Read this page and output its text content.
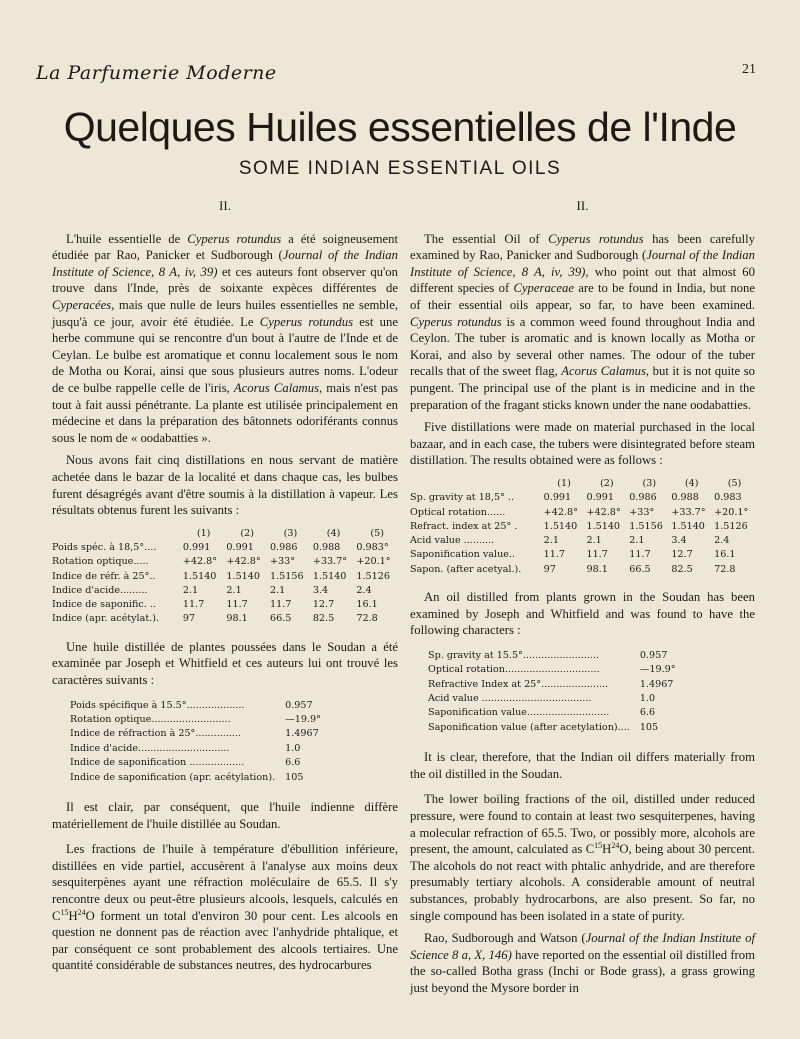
La Parfumerie Moderne	21
Quelques Huiles essentielles de l'Inde
SOME INDIAN ESSENTIAL OILS
II.

L'huile essentielle de Cyperus rotundus a été soigneusement étudiée par Rao, Panicker et Sudborough (Journal of the Indian Institute of Science, 8 A, iv, 39) et ces auteurs font observer qu'on trouve dans l'Inde, près de soixante expèces différentes de Cyperacées, mais que nulle de leurs huiles essentielles ne semble, jusqu'à ce jour, avoir été étudiée. Le Cyperus rotundus est une herbe commune qui se rencontre d'un bout à l'autre de l'Inde et de Ceylan. Le bulbe est aromatique et connu localement sous le nom de Motha ou Korai, ainsi que sous plusieurs autres noms. L'odeur de ce bulbe rappelle celle de l'iris, Acorus Calamus, mais n'est pas tout à fait aussi pénétrante. La plante est utilisée principalement en médecine et dans la préparation des bâtonnets odoriférants connus sous le nom de « oodabatties ».

Nous avons fait cinq distillations en nous servant de matière achetée dans le bazar de la localité et dans chaque cas, les bulbes furent désagrégés avant d'être soumis à la distillation à vapeur. Les résultats obtenus furent les suivants :

	(1)	(2)	(3)	(4)	(5)
Poids spéc. à 18,5°....	0.991	0.991	0.986	0.988	0.983°
Rotation optique.....	+42.8°	+42.8°	+33°	+33.7°	+20.1°
Indice de réfr. à 25°..	1.5140	1.5140	1.5156	1.5140	1.5126
Indice d'acide.........	2.1	2.1	2.1	3.4	2.4
Indice de saponific. ..	11.7	11.7	11.7	12.7	16.1
Indice (apr. acétylat.).	97	98.1	66.5	82.5	72.8

Une huile distillée de plantes poussées dans le Soudan a été examinée par Joseph et Whitfield et ces auteurs lui ont trouvé les caractères suivants :

Poids spécifique à 15.5°...................	0.957
Rotation optique..........................	—19.9°
Indice de réfraction à 25°...............	1.4967
Indice d'acide..............................	1.0
Indice de saponification ..................	6.6
Indice de saponification (apr. acétylation).	105

Il est clair, par conséquent, que l'huile indienne diffère matériellement de l'huile distillée au Soudan.

Les fractions de l'huile à température d'ébullition inférieure, distillées en vide partiel, accusèrent à l'analyse aux moins deux sesquiterpènes ayant une réfraction moléculaire de 65.5. Il s'y rencontre deux ou peut-être plusieurs alcools, lesquels, calculés en $C^{15}H^{24}O$ forment un total d'environ 30 pour cent. Les alcools en question ne donnent pas de réaction avec l'anhydride phtalique, et par conséquent ce sont probablement des alcools tertiaires. Une quantité considérable de substances neutres, des hydrocarbures

II.

The essential Oil of Cyperus rotundus has been carefully examined by Rao, Panicker and Sudborough (Journal of the Indian Institute of Science, 8 A, iv, 39), who point out that almost 60 different species of Cyperaceae are to be found in India, but none of their essential oils appear, so far, to have been examined. Cyperus rotundus is a common weed found throughout India and Ceylon. The tuber is aromatic and is known locally as Motha or Korai, and also by several other names. The odour of the tuber recalls that of the sweet flag, Acorus Calamus, but it is not quite so pungent. The principal use of the plant is in medicine and in the preparation of the fragant sticks known under the nane oodabatties.

Five distillations were made on material purchased in the local bazaar, and in each case, the tubers were disintegrated before steam distillation. The results obtained were as follows :

	(1)	(2)	(3)	(4)	(5)
Sp. gravity at 18,5° ..	0.991	0.991	0.986	0.988	0.983
Optical rotation......	+42.8°	+42.8°	+33°	+33.7°	+20.1°
Refract. index at 25° .	1.5140	1.5140	1.5156	1.5140	1.5126
Acid value ..........	2.1	2.1	2.1	3.4	2.4
Saponification value..	11.7	11.7	11.7	12.7	16.1
Sapon. (after acetyal.).	97	98.1	66.5	82.5	72.8

An oil distilled from plants grown in the Soudan has been examined by Joseph and Whitfield and was found to have the following characters :

Sp. gravity at 15.5°.........................	0.957
Optical rotation...............................	—19.9°
Refractive Index at 25°......................	1.4967
Acid value ....................................	1.0
Saponification value...........................	6.6
Saponification value (after acetylation)....	105

It is clear, therefore, that the Indian oil differs materially from the oil distilled in the Soudan.

The lower boiling fractions of the oil, distilled under reduced pressure, were found to contain at least two sesquiterpenes, having a molecular refraction of 65.5. Two, or possibly more, alcohols are present, the amount, calculated as $C^{15}H^{24}O$, being about 30 percent. The alcohols do not react with phtalic anhydride, and are therefore presumably tertiary alcohols. A considerable amount of neutral substances, probably hydrocarbons, are also present. So far, no single compound has been isolated in a state of purity.

Rao, Sudborough and Watson (Journal of the Indian Institute of Science 8 a, X, 146) have reported on the essential oil distilled from the so-called Botha grass (Inchi or Bode grass), a grass growing just beyond the Mysore border in
